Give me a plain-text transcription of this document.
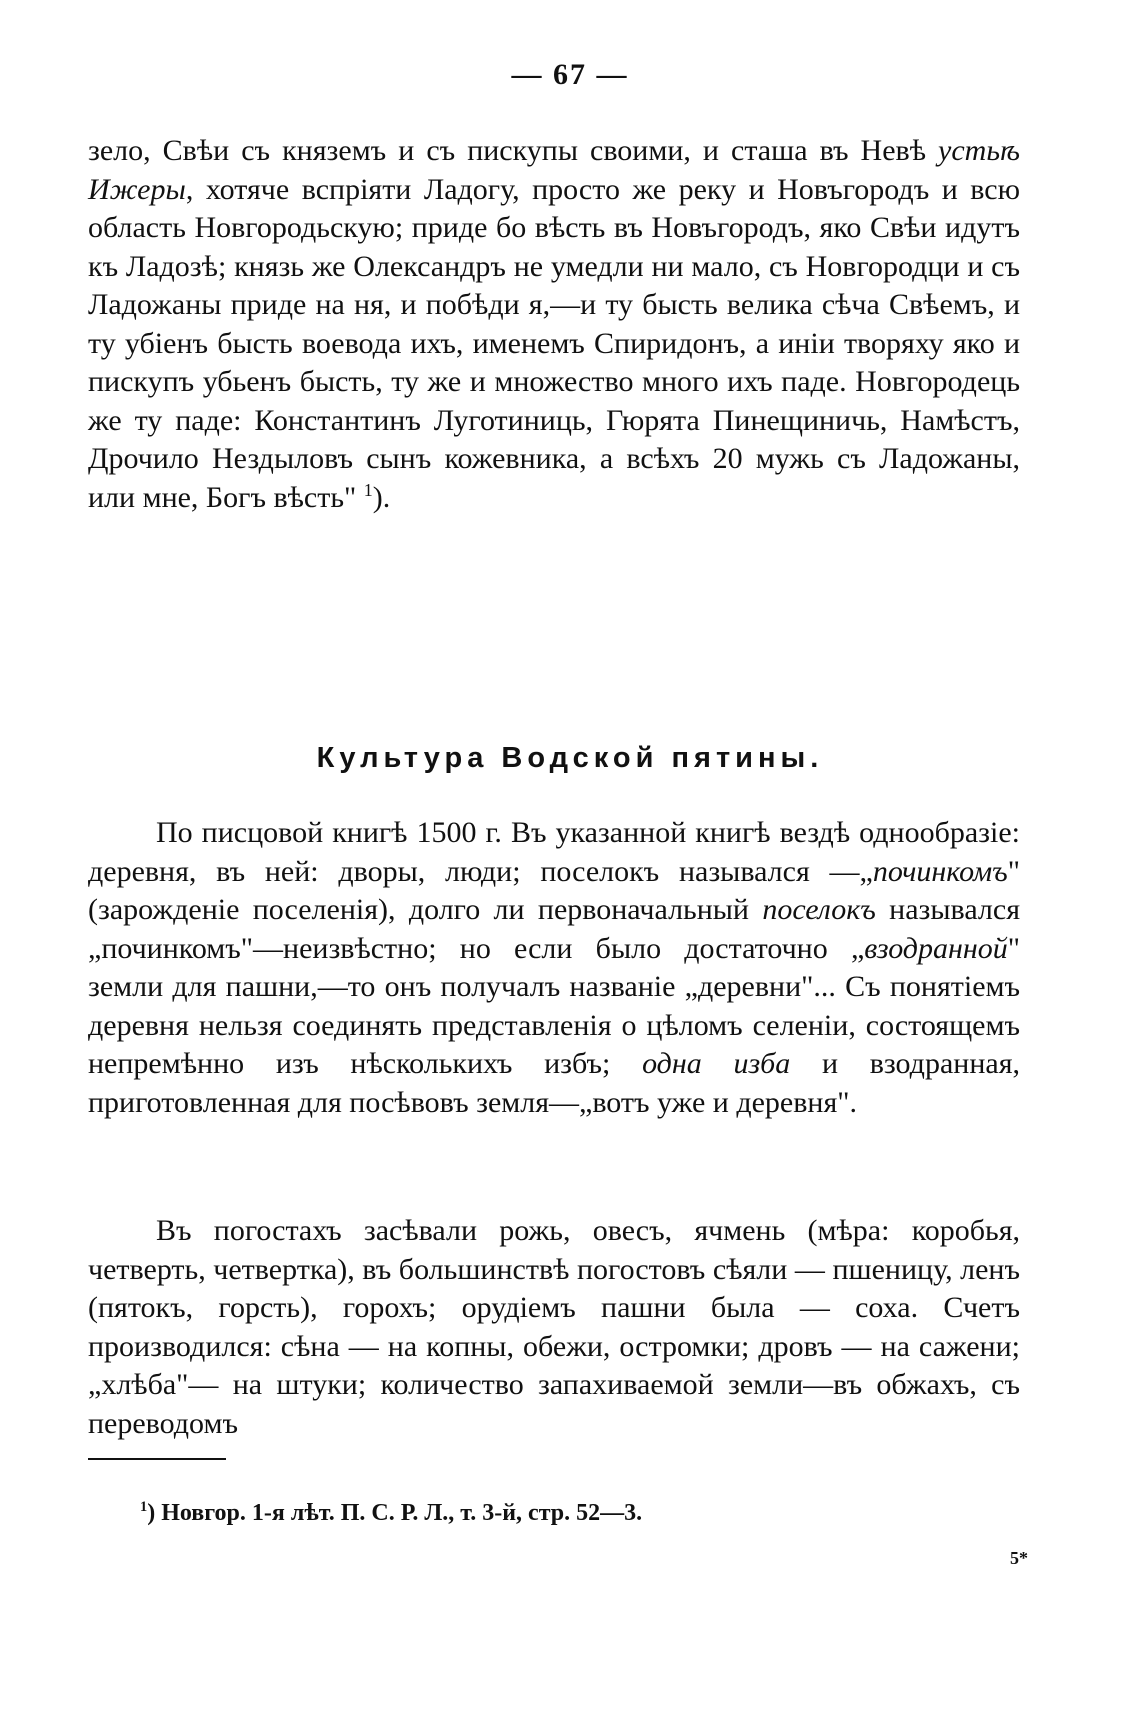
— 67 —

зело, Свѣи съ княземъ и съ пискупы своими, и сташа въ Невѣ устьѣ Ижеры, хотяче вспріяти Ладогу, просто же реку и Новъгородъ и всю область Новгородьскую; приде бо вѣсть въ Новъгородъ, яко Свѣи идутъ къ Ладозѣ; князь же Олександръ не умедли ни мало, съ Новгородци и съ Ладожаны приде на ня, и побѣди я,—и ту бысть велика сѣча Свѣемъ, и ту убіенъ бысть воевода ихъ, именемъ Спиридонъ, а инiи творяху яко и пискупъ убьенъ бысть, ту же и множество много ихъ паде. Новгородець же ту паде: Константинъ Луготиниць, Гюрята Пинещиничь, Намѣстъ, Дрочило Нездыловъ сынъ кожевника, а всѣхъ 20 мужь съ Ладожаны, или мне, Богъ вѣсть" $^1$).

Культура Водской пятины.

По писцовой книгѣ 1500 г. Въ указанной книгѣ вездѣ однообразіе: деревня, въ ней: дворы, люди; поселокъ назывался —„починкомъ" (зарожденіе поселенія), долго ли первоначальный поселокъ назывался „починкомъ"—неизвѣстно; но если было достаточно „взодранной" земли для пашни,—то онъ получалъ названіе „деревни"... Съ понятіемъ деревня нельзя соединять представленія о цѣломъ селеніи, состоящемъ непремѣнно изъ нѣсколькихъ избъ; одна изба и взодранная, приготовленная для посѣвовъ земля—„вотъ уже и деревня".

Въ погостахъ засѣвали рожь, овесъ, ячмень (мѣра: коробья, четверть, четвертка), въ большинствѣ погостовъ сѣяли — пшеницу, ленъ (пятокъ, горсть), горохъ; орудіемъ пашни была — соха. Счетъ производился: сѣна — на копны, обежи, остромки; дровъ — на сажени; „хлѣба"— на штуки; количество запахиваемой земли—въ обжахъ, съ переводомъ

$^1$) Новгор. 1-я лѣт. П. С. Р. Л., т. 3-й, стр. 52—3.
5*
